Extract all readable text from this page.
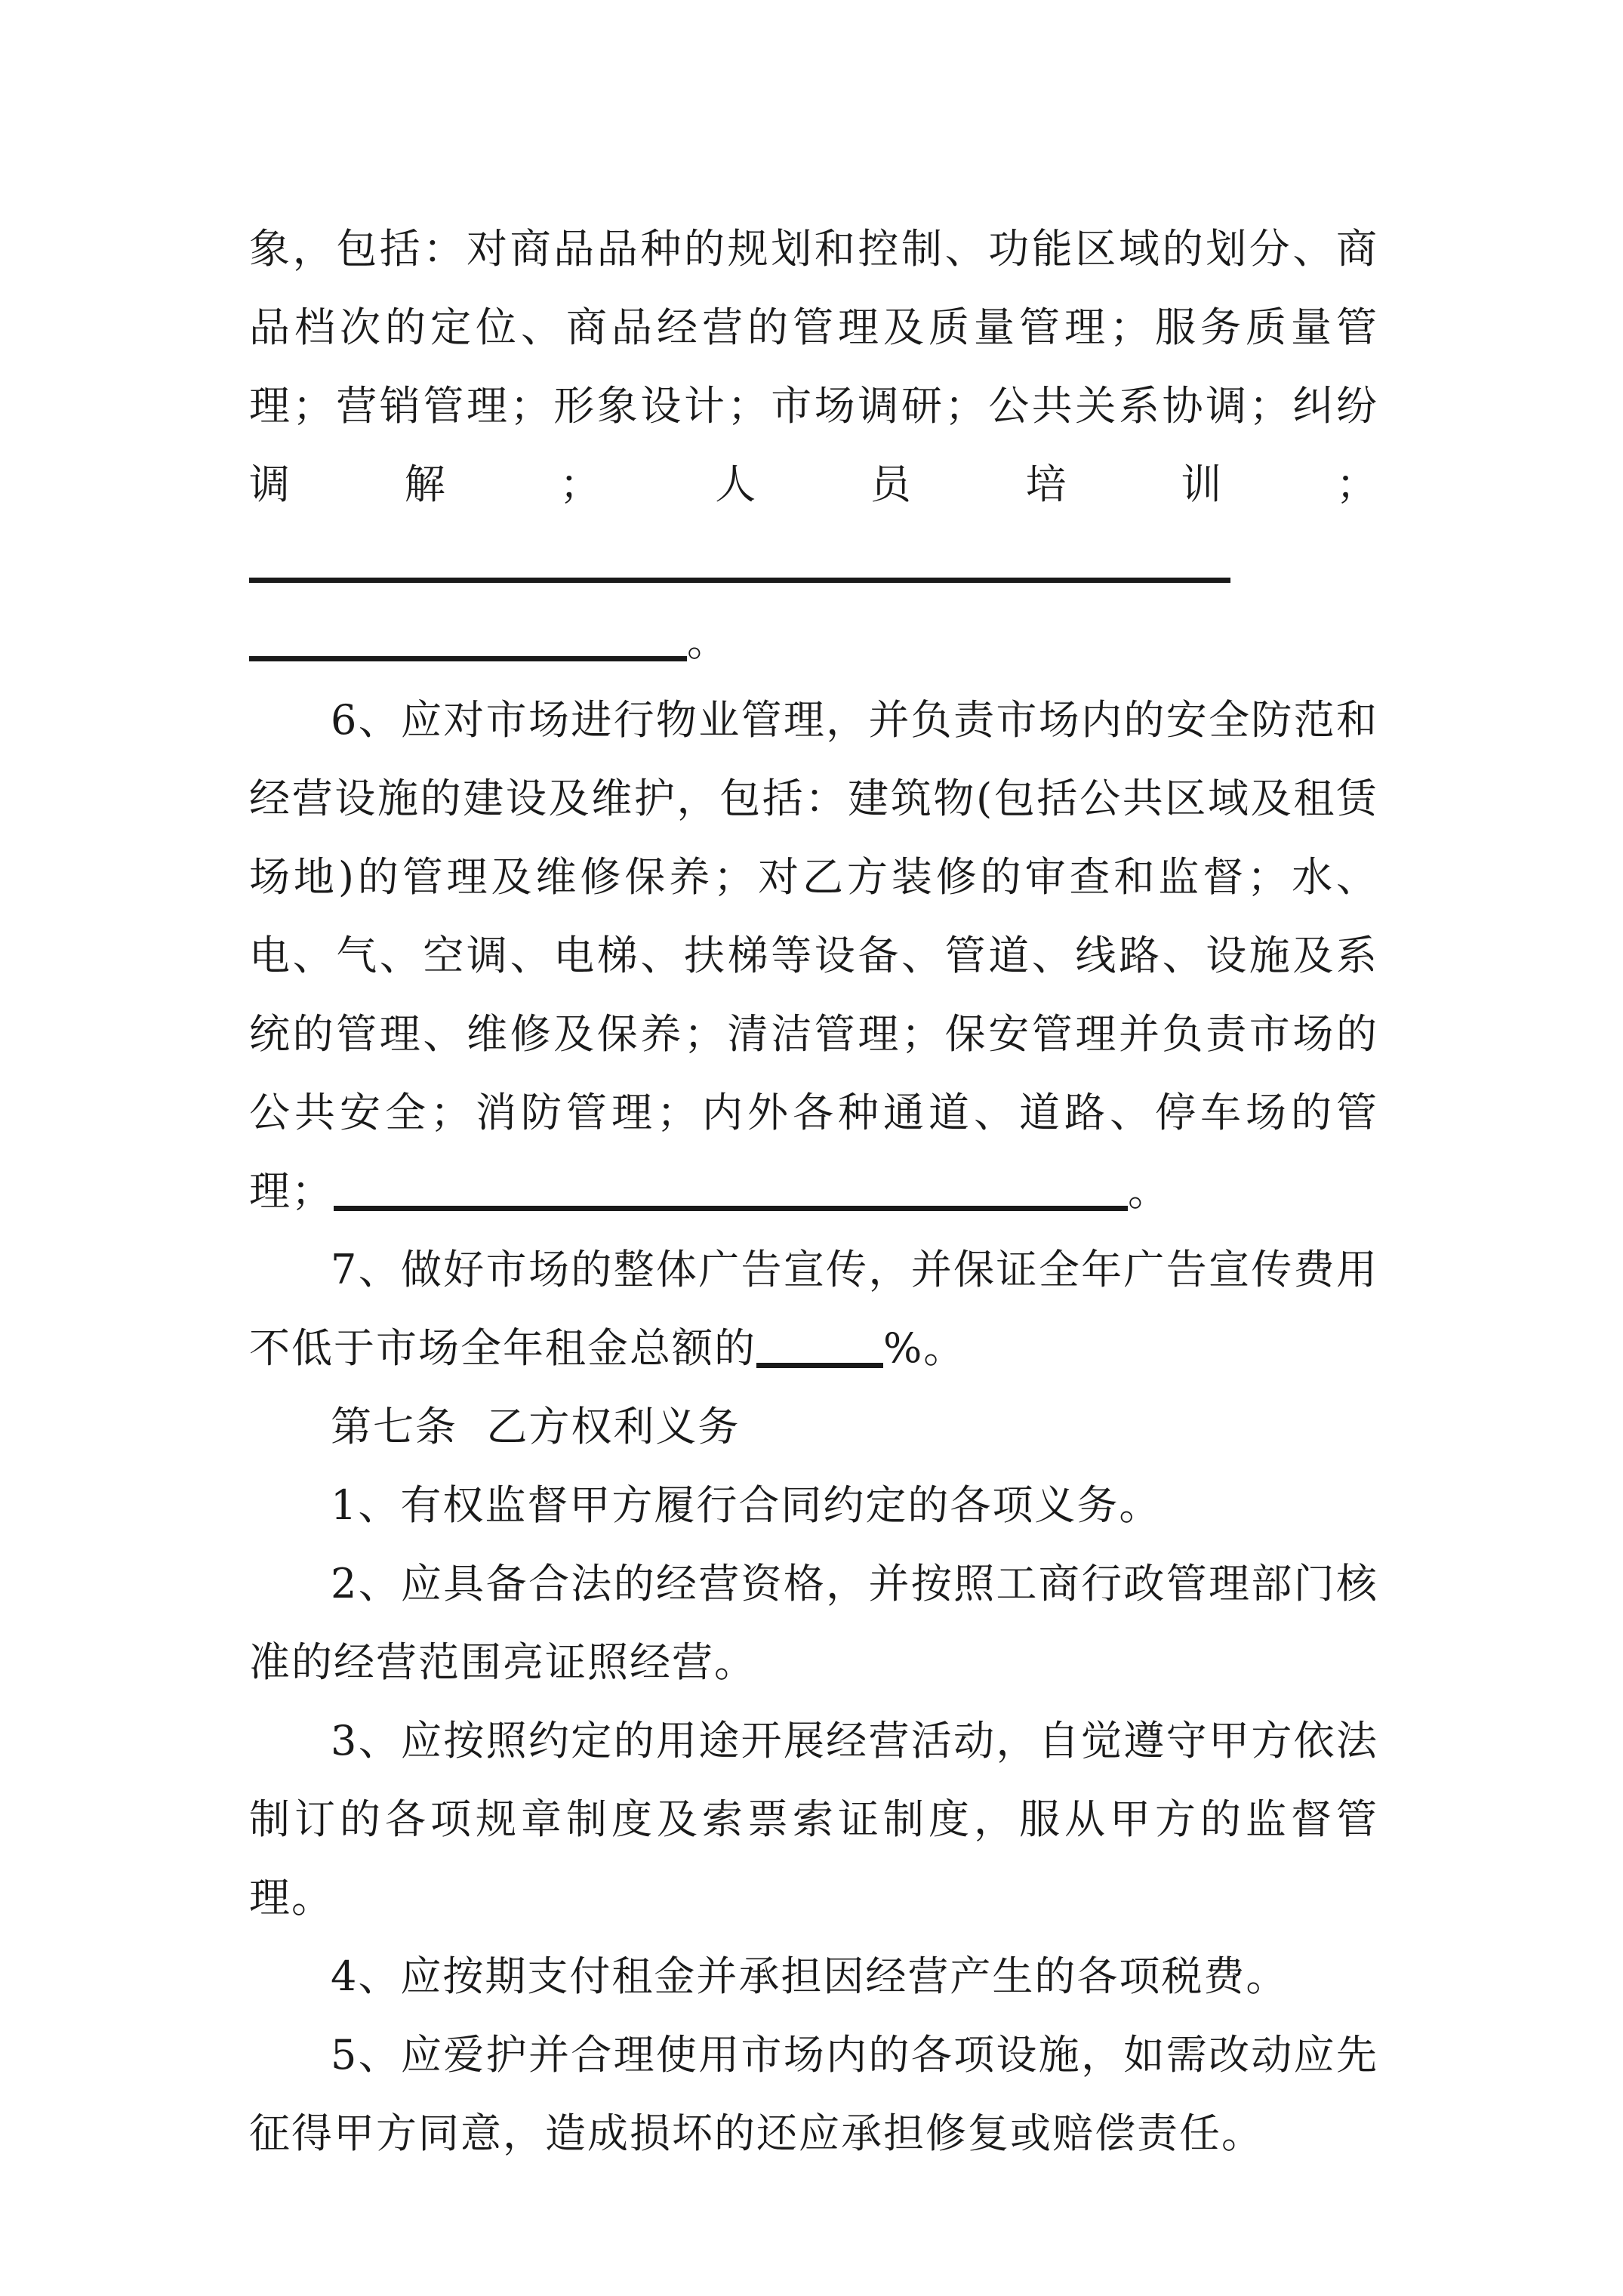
象，包括：对商品品种的规划和控制、功能区域的划分、商品档次的定位、商品经营的管理及质量管理；服务质量管理；营销管理；形象设计；市场调研；公共关系协调；纠纷调解；人员培训；。

6、应对市场进行物业管理，并负责市场内的安全防范和经营设施的建设及维护，包括：建筑物(包括公共区域及租赁场地)的管理及维修保养；对乙方装修的审查和监督；水、电、气、空调、电梯、扶梯等设备、管道、线路、设施及系统的管理、维修及保养；清洁管理；保安管理并负责市场的公共安全；消防管理；内外各种通道、道路、停车场的管理；	。

7、做好市场的整体广告宣传，并保证全年广告宣传费用不低于市场全年租金总额的	%。

第七条  乙方权利义务

1、有权监督甲方履行合同约定的各项义务。

2、应具备合法的经营资格，并按照工商行政管理部门核准的经营范围亮证照经营。

3、应按照约定的用途开展经营活动，自觉遵守甲方依法制订的各项规章制度及索票索证制度，服从甲方的监督管理。

4、应按期支付租金并承担因经营产生的各项税费。

5、应爱护并合理使用市场内的各项设施，如需改动应先征得甲方同意，造成损坏的还应承担修复或赔偿责任。
